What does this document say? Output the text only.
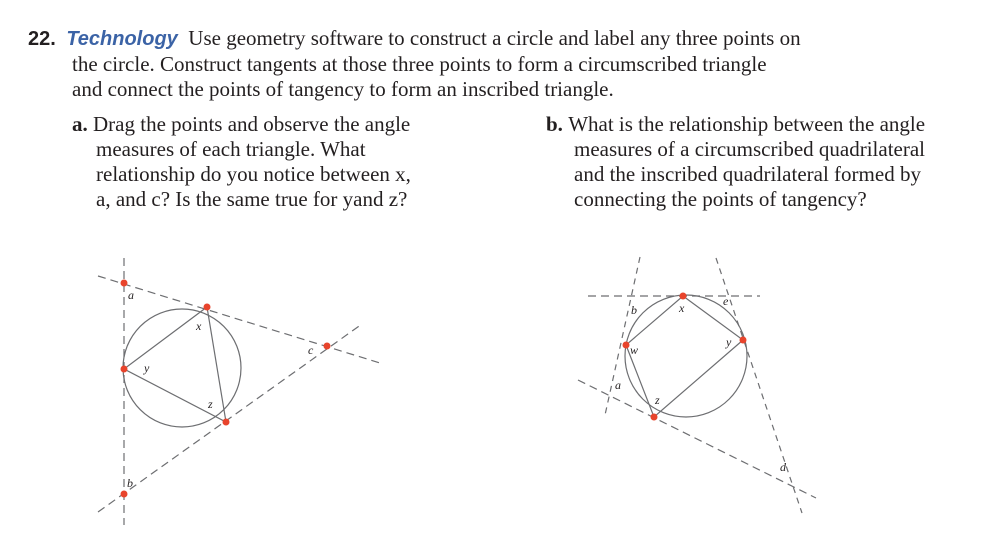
22. Technology Use geometry software to construct a circle and label any three points on
the circle. Construct tangents at those three points to form a circumscribed triangle
and connect the points of tangency to form an inscribed triangle.
a. Drag the points and observe the angle
measures of each triangle. What
relationship do you notice between x,
a, and c? Is the same true for yand z?
b. What is the relationship between the angle
measures of a circumscribed quadrilateral
and the inscribed quadrilateral formed by
connecting the points of tangency?
a
b
c
x
y
z
b	x	e
w
y
a
z
d
